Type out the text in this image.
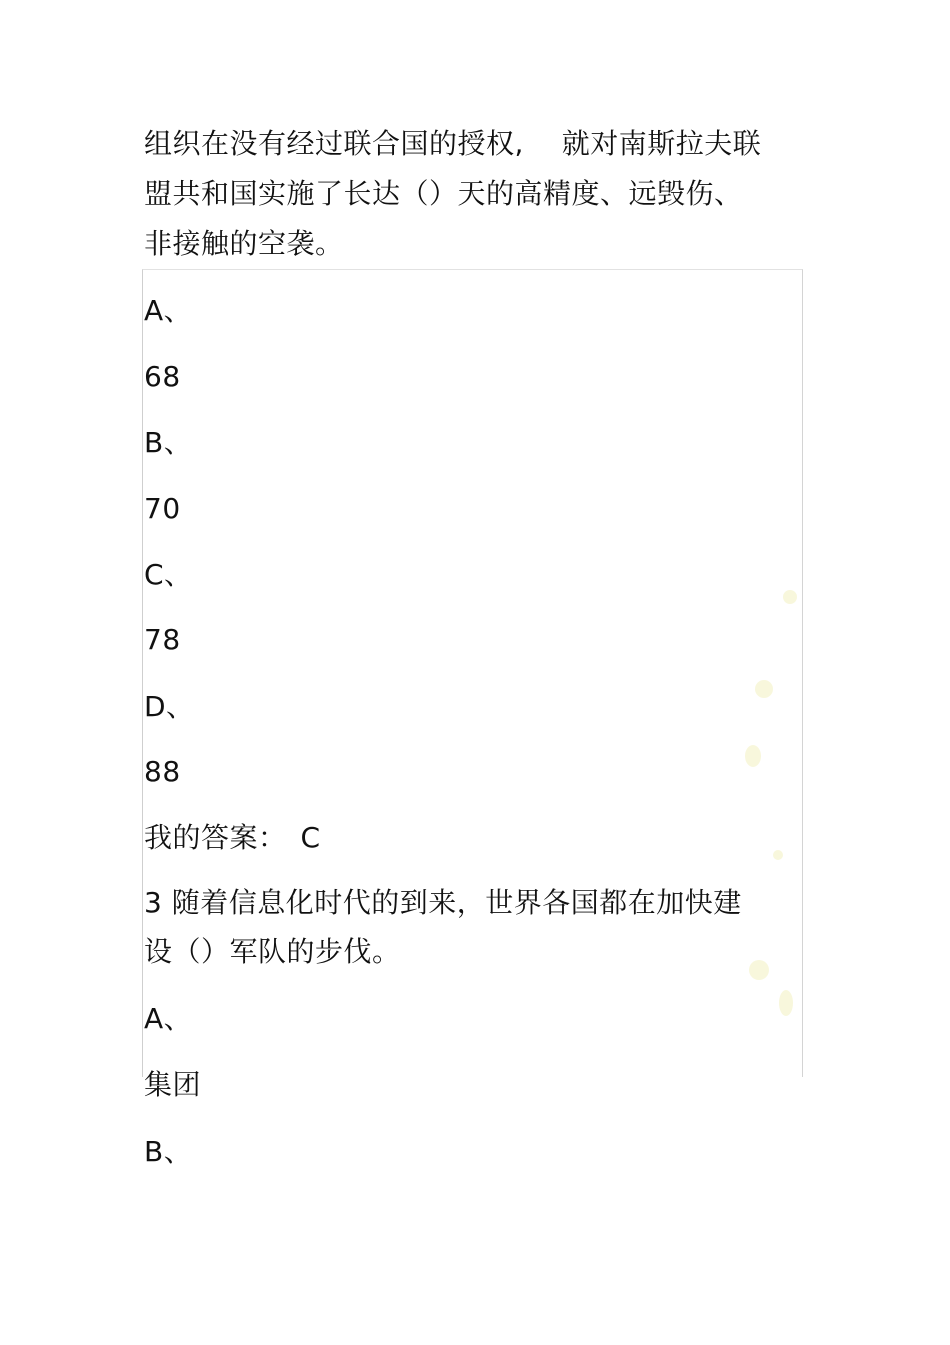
组织在没有经过联合国的授权,　 就对南斯拉夫联

盟共和国实施了长达（）天的高精度、远毁伤、

非接触的空袭。

A、

68

B、

70

C、

78

D、

88

我的答案： C

3 随着信息化时代的到来，世界各国都在加快建

设（）军队的步伐。

A、

集团

B、
